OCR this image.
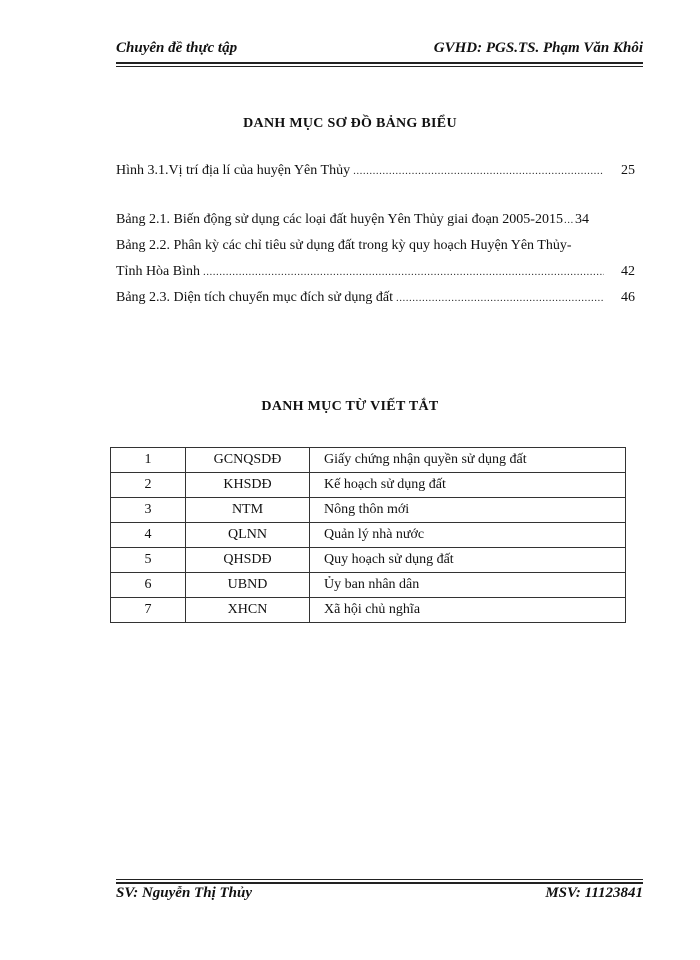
Chuyên đề thực tập	GVHD: PGS.TS. Phạm Văn Khôi
DANH MỤC SƠ ĐỒ BẢNG BIỂU
Hình 3.1.Vị trí địa lí của huyện Yên Thủy .....	25
Bảng 2.1. Biến động sử dụng các loại đất huyện Yên Thủy giai đoạn 2005-2015 ..... 34
Bảng 2.2. Phân kỳ các chỉ tiêu sử dụng đất trong kỳ quy hoạch Huyện Yên Thủy-
Tỉnh Hòa Bình .....	42
Bảng 2.3. Diện tích chuyển mục đích sử dụng đất .....	46
DANH MỤC TỪ VIẾT TẮT
1	GCNQSDĐ	Giấy chứng nhận quyền sử dụng đất
2	KHSDĐ	Kế hoạch sử dụng đất
3	NTM	Nông thôn mới
4	QLNN	Quản lý nhà nước
5	QHSDĐ	Quy hoạch sử dụng đất
6	UBND	Ủy ban nhân dân
7	XHCN	Xã hội chủ nghĩa
SV: Nguyễn Thị Thủy	MSV: 11123841
